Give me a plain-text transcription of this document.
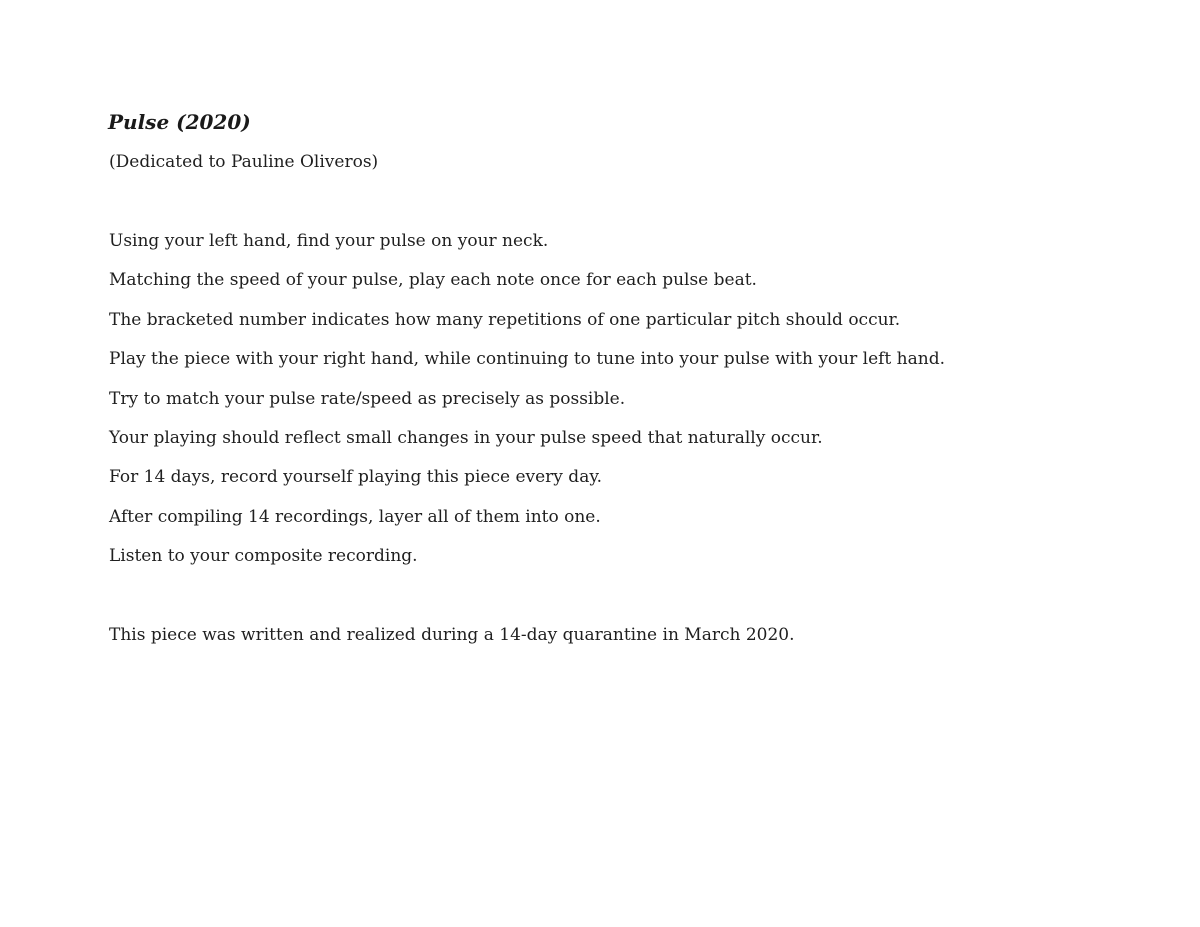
Pulse (2020)

(Dedicated to Pauline Oliveros)

Using your left hand, find your pulse on your neck.
Matching the speed of your pulse, play each note once for each pulse beat.
The bracketed number indicates how many repetitions of one particular pitch should occur.
Play the piece with your right hand, while continuing to tune into your pulse with your left hand.
Try to match your pulse rate/speed as precisely as possible.
Your playing should reflect small changes in your pulse speed that naturally occur.
For 14 days, record yourself playing this piece every day.
After compiling 14 recordings, layer all of them into one.
Listen to your composite recording.

This piece was written and realized during a 14-day quarantine in March 2020.
